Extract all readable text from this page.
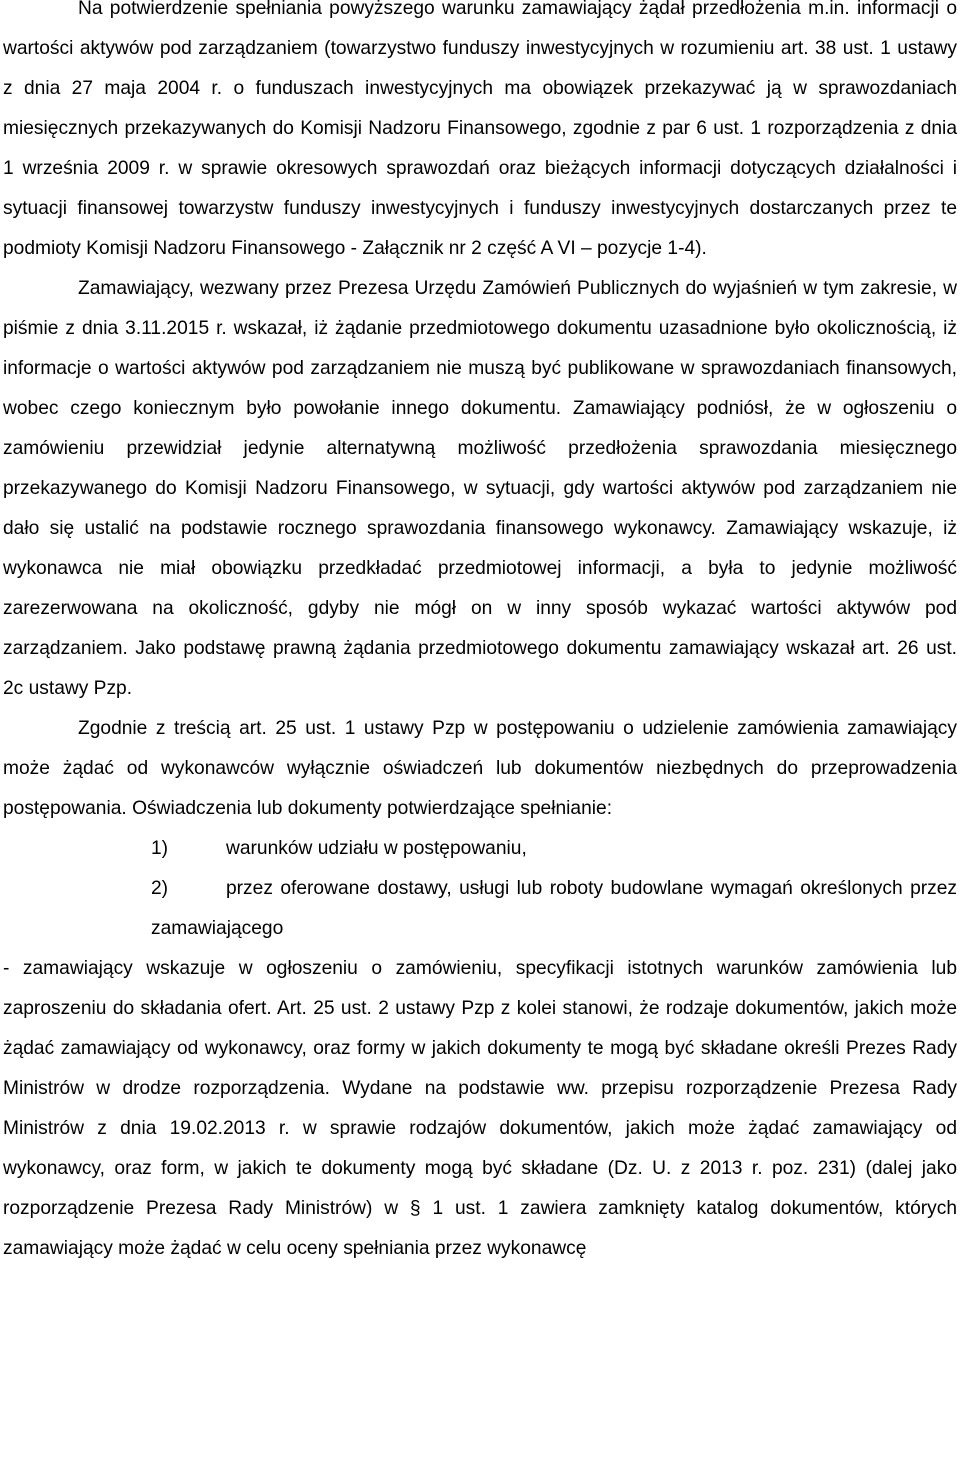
Na potwierdzenie spełniania powyższego warunku zamawiający żądał przedłożenia m.in. informacji o wartości aktywów pod zarządzaniem (towarzystwo funduszy inwestycyjnych w rozumieniu art. 38 ust. 1 ustawy z dnia 27 maja 2004 r. o funduszach inwestycyjnych ma obowiązek przekazywać ją w sprawozdaniach miesięcznych przekazywanych do Komisji Nadzoru Finansowego, zgodnie z par 6 ust. 1 rozporządzenia z dnia 1 września 2009 r. w sprawie okresowych sprawozdań oraz bieżących informacji dotyczących działalności i sytuacji finansowej towarzystw funduszy inwestycyjnych i funduszy inwestycyjnych dostarczanych przez te podmioty Komisji Nadzoru Finansowego - Załącznik nr 2 część A VI – pozycje 1-4).

Zamawiający, wezwany przez Prezesa Urzędu Zamówień Publicznych do wyjaśnień w tym zakresie, w piśmie z dnia 3.11.2015 r. wskazał, iż żądanie przedmiotowego dokumentu uzasadnione było okolicznością, iż informacje o wartości aktywów pod zarządzaniem nie muszą być publikowane w sprawozdaniach finansowych, wobec czego koniecznym było powołanie innego dokumentu. Zamawiający podniósł, że w ogłoszeniu o zamówieniu przewidział jedynie alternatywną możliwość przedłożenia sprawozdania miesięcznego przekazywanego do Komisji Nadzoru Finansowego, w sytuacji, gdy wartości aktywów pod zarządzaniem nie dało się ustalić na podstawie rocznego sprawozdania finansowego wykonawcy. Zamawiający wskazuje, iż wykonawca nie miał obowiązku przedkładać przedmiotowej informacji, a była to jedynie możliwość zarezerwowana na okoliczność, gdyby nie mógł on w inny sposób wykazać wartości aktywów pod zarządzaniem. Jako podstawę prawną żądania przedmiotowego dokumentu zamawiający wskazał art. 26 ust. 2c ustawy Pzp.

Zgodnie z treścią art. 25 ust. 1 ustawy Pzp w postępowaniu o udzielenie zamówienia zamawiający może żądać od wykonawców wyłącznie oświadczeń lub dokumentów niezbędnych do przeprowadzenia postępowania. Oświadczenia lub dokumenty potwierdzające spełnianie:

1)	warunków udziału w postępowaniu,
2)	przez oferowane dostawy, usługi lub roboty budowlane wymagań określonych przez zamawiającego

- zamawiający wskazuje w ogłoszeniu o zamówieniu, specyfikacji istotnych warunków zamówienia lub zaproszeniu do składania ofert. Art. 25 ust. 2 ustawy Pzp z kolei stanowi, że rodzaje dokumentów, jakich może żądać zamawiający od wykonawcy, oraz formy w jakich dokumenty te mogą być składane określi Prezes Rady Ministrów w drodze rozporządzenia. Wydane na podstawie ww. przepisu rozporządzenie Prezesa Rady Ministrów z dnia 19.02.2013 r. w sprawie rodzajów dokumentów, jakich może żądać zamawiający od wykonawcy, oraz form, w jakich te dokumenty mogą być składane (Dz. U. z 2013 r. poz. 231) (dalej jako rozporządzenie Prezesa Rady Ministrów) w § 1 ust. 1 zawiera zamknięty katalog dokumentów, których zamawiający może żądać w celu oceny spełniania przez wykonawcę
